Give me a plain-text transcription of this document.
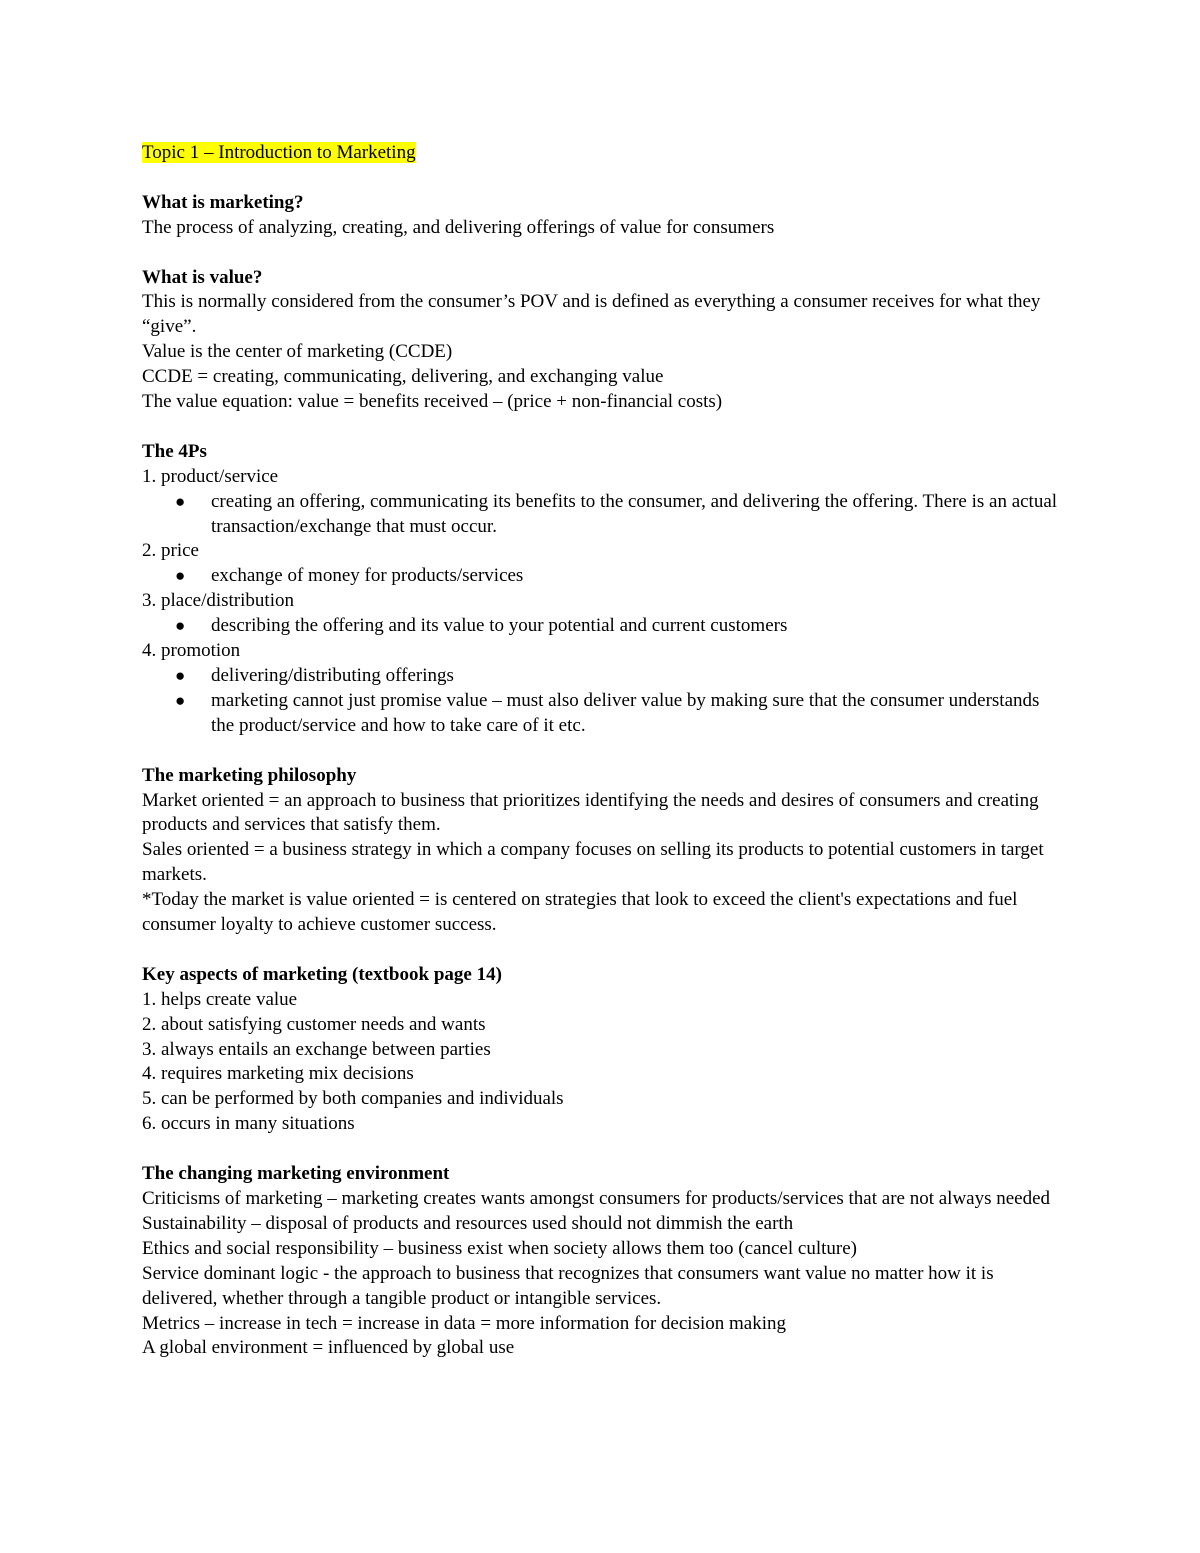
Topic 1 – Introduction to Marketing

What is marketing?

The process of analyzing, creating, and delivering offerings of value for consumers

What is value?

This is normally considered from the consumer’s POV and is defined as everything a consumer receives for what they “give”.

Value is the center of marketing (CCDE)

CCDE = creating, communicating, delivering, and exchanging value

The value equation: value = benefits received – (price + non-financial costs)

The 4Ps

1. product/service

● creating an offering, communicating its benefits to the consumer, and delivering the offering. There is an actual transaction/exchange that must occur.

2. price

● exchange of money for products/services

3. place/distribution

● describing the offering and its value to your potential and current customers

4. promotion

● delivering/distributing offerings
● marketing cannot just promise value – must also deliver value by making sure that the consumer understands the product/service and how to take care of it etc.

The marketing philosophy

Market oriented = an approach to business that prioritizes identifying the needs and desires of consumers and creating products and services that satisfy them.

Sales oriented = a business strategy in which a company focuses on selling its products to potential customers in target markets.

*Today the market is value oriented = is centered on strategies that look to exceed the client's expectations and fuel consumer loyalty to achieve customer success.

Key aspects of marketing (textbook page 14)

1. helps create value

2. about satisfying customer needs and wants

3. always entails an exchange between parties

4. requires marketing mix decisions

5. can be performed by both companies and individuals

6. occurs in many situations

The changing marketing environment

Criticisms of marketing – marketing creates wants amongst consumers for products/services that are not always needed

Sustainability – disposal of products and resources used should not dimmish the earth

Ethics and social responsibility – business exist when society allows them too (cancel culture)

Service dominant logic - the approach to business that recognizes that consumers want value no matter how it is delivered, whether through a tangible product or intangible services.

Metrics – increase in tech = increase in data = more information for decision making

A global environment = influenced by global use
